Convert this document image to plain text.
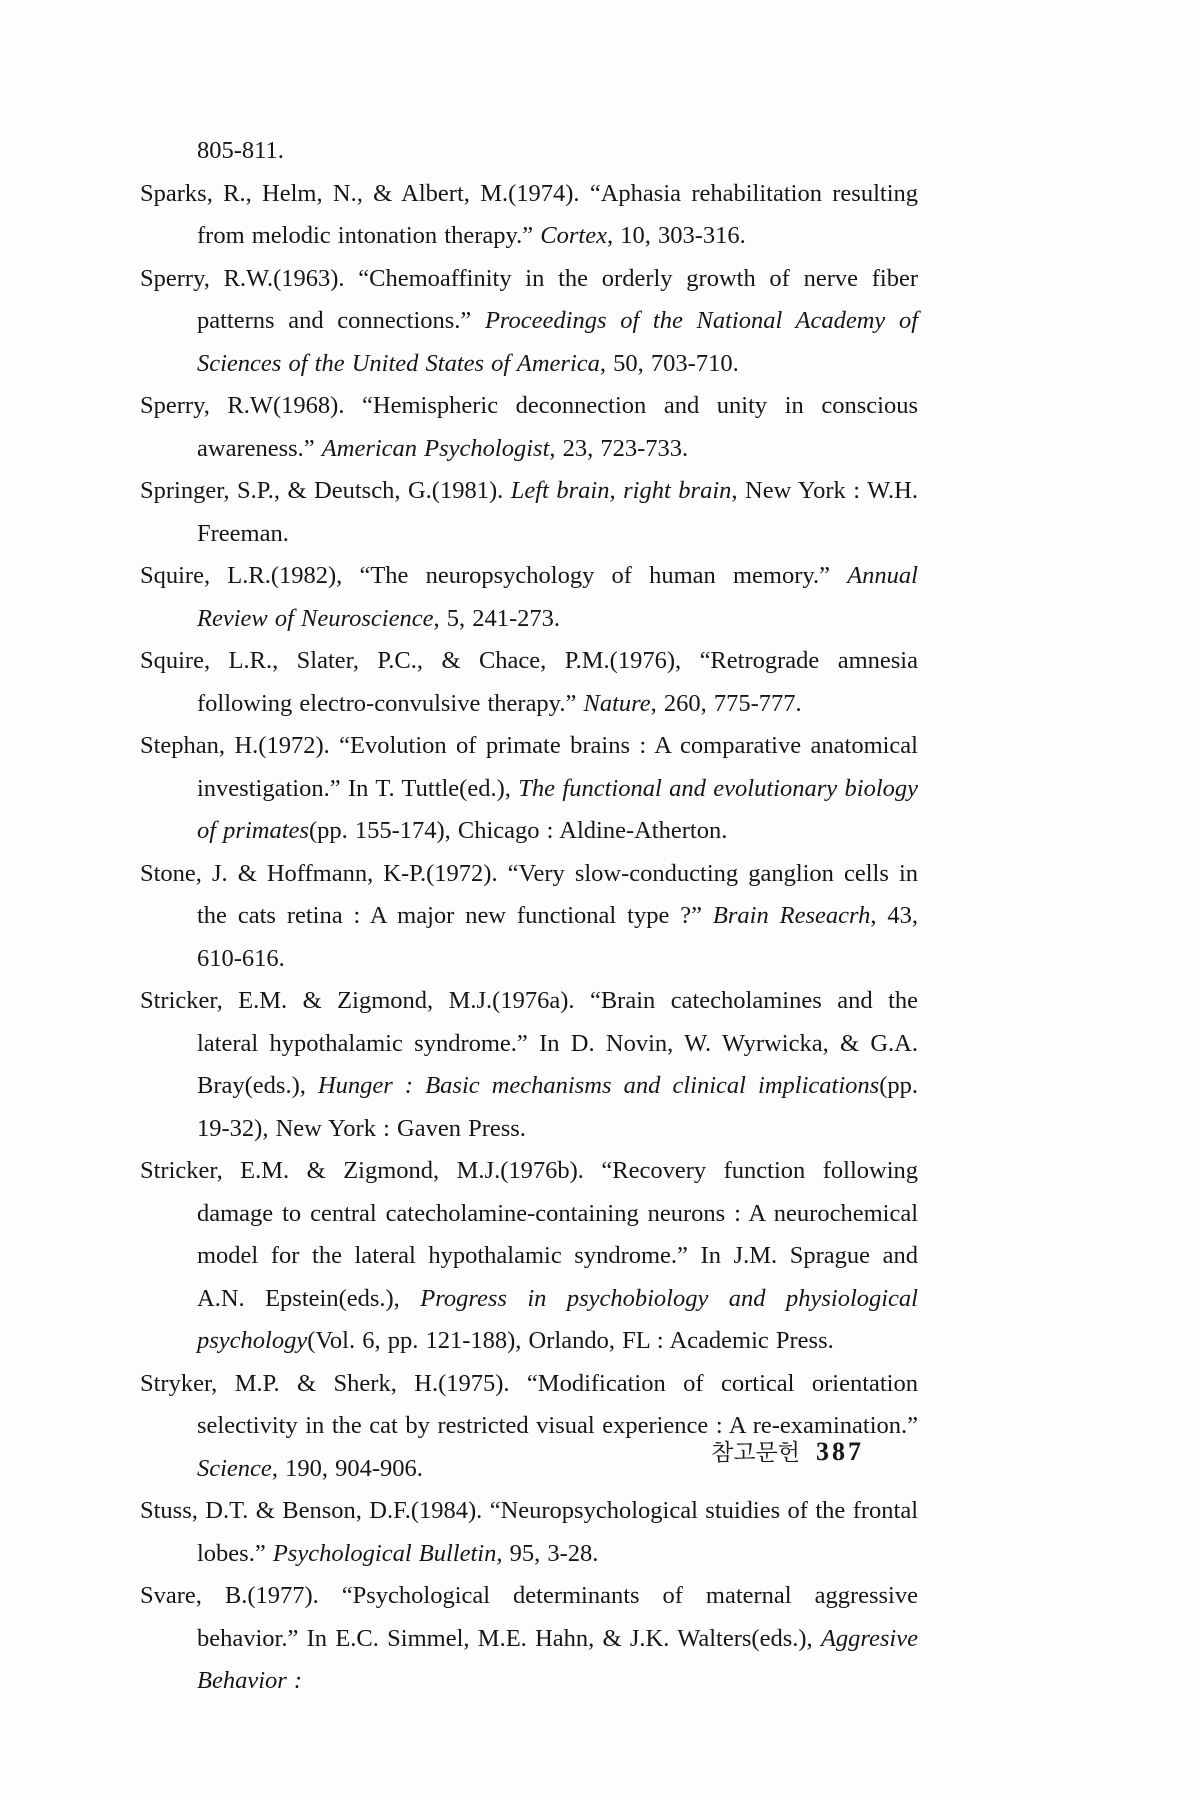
805-811.

Sparks, R., Helm, N., & Albert, M.(1974). “Aphasia rehabilitation resulting from melodic intonation therapy.” Cortex, 10, 303-316.

Sperry, R.W.(1963). “Chemoaffinity in the orderly growth of nerve fiber patterns and connections.” Proceedings of the National Academy of Sciences of the United States of America, 50, 703-710.

Sperry, R.W(1968). “Hemispheric deconnection and unity in conscious awareness.” American Psychologist, 23, 723-733.

Springer, S.P., & Deutsch, G.(1981). Left brain, right brain, New York : W.H. Freeman.

Squire, L.R.(1982), “The neuropsychology of human memory.” Annual Review of Neuroscience, 5, 241-273.

Squire, L.R., Slater, P.C., & Chace, P.M.(1976), “Retrograde amnesia following electro-convulsive therapy.” Nature, 260, 775-777.

Stephan, H.(1972). “Evolution of primate brains : A comparative anatomical investigation.” In T. Tuttle(ed.), The functional and evolutionary biology of primates(pp. 155-174), Chicago : Aldine-Atherton.

Stone, J. & Hoffmann, K-P.(1972). “Very slow-conducting ganglion cells in the cats retina : A major new functional type ?” Brain Reseacrh, 43, 610-616.

Stricker, E.M. & Zigmond, M.J.(1976a). “Brain catecholamines and the lateral hypothalamic syndrome.” In D. Novin, W. Wyrwicka, & G.A. Bray(eds.), Hunger : Basic mechanisms and clinical implications(pp. 19-32), New York : Gaven Press.

Stricker, E.M. & Zigmond, M.J.(1976b). “Recovery function following damage to central catecholamine-containing neurons : A neurochemical model for the lateral hypothalamic syndrome.” In J.M. Sprague and A.N. Epstein(eds.), Progress in psychobiology and physiological psychology(Vol. 6, pp. 121-188), Orlando, FL : Academic Press.

Stryker, M.P. & Sherk, H.(1975). “Modification of cortical orientation selectivity in the cat by restricted visual experience : A re-examination.” Science, 190, 904-906.

Stuss, D.T. & Benson, D.F.(1984). “Neuropsychological stuidies of the frontal lobes.” Psychological Bulletin, 95, 3-28.

Svare, B.(1977). “Psychological determinants of maternal aggressive behavior.” In E.C. Simmel, M.E. Hahn, & J.K. Walters(eds.), Aggresive Behavior :

참고문헌 387
